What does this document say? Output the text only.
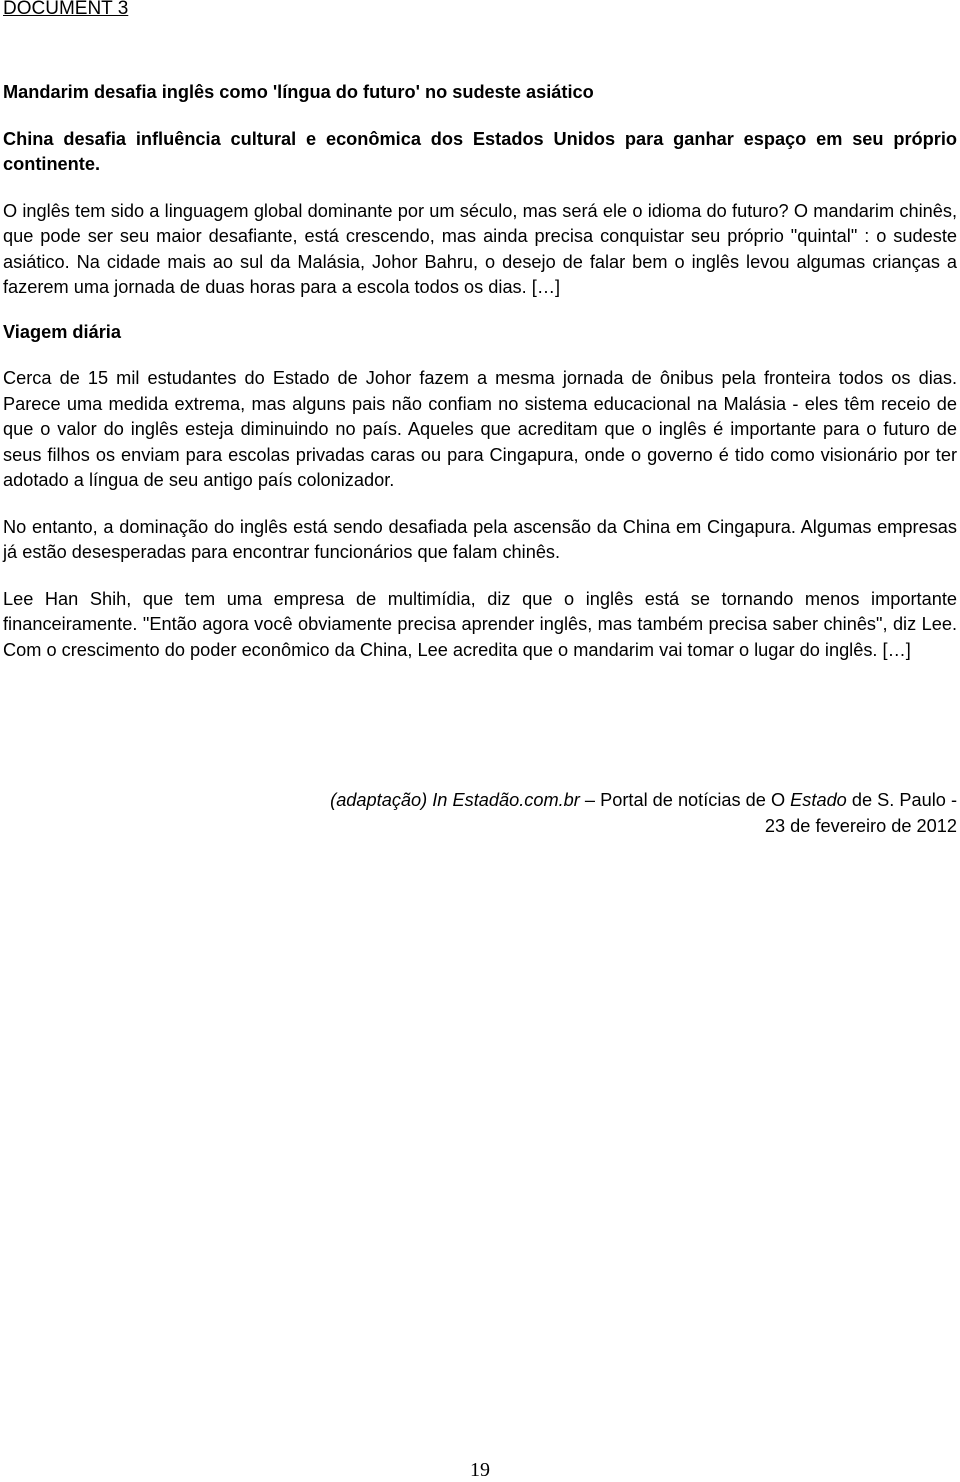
DOCUMENT 3

Mandarim desafia inglês como 'língua do futuro' no sudeste asiático

China desafia influência cultural e econômica dos Estados Unidos para ganhar espaço em seu próprio continente.

O inglês tem sido a linguagem global dominante por um século, mas será ele o idioma do futuro? O mandarim chinês, que pode ser seu maior desafiante, está crescendo, mas ainda precisa conquistar seu próprio "quintal" : o sudeste asiático. Na cidade mais ao sul da Malásia, Johor Bahru, o desejo de falar bem o inglês levou algumas crianças a fazerem uma jornada de duas horas para a escola todos os dias. […]

Viagem diária

Cerca de 15 mil estudantes do Estado de Johor fazem a mesma jornada de ônibus pela fronteira todos os dias. Parece uma medida extrema, mas alguns pais não confiam no sistema educacional na Malásia - eles têm receio de que o valor do inglês esteja diminuindo no país. Aqueles que acreditam que o inglês é importante para o futuro de seus filhos os enviam para escolas privadas caras ou para Cingapura, onde o governo é tido como visionário por ter adotado a língua de seu antigo país colonizador.

No entanto, a dominação do inglês está sendo desafiada pela ascensão da China em Cingapura. Algumas empresas já estão desesperadas para encontrar funcionários que falam chinês.

Lee Han Shih, que tem uma empresa de multimídia, diz que o inglês está se tornando menos importante financeiramente. "Então agora você obviamente precisa aprender inglês, mas também precisa saber chinês", diz Lee. Com o crescimento do poder econômico da China, Lee acredita que o mandarim vai tomar o lugar do inglês. […]

(adaptação) In Estadão.com.br – Portal de notícias de O Estado de S. Paulo -

23 de fevereiro de 2012

19
